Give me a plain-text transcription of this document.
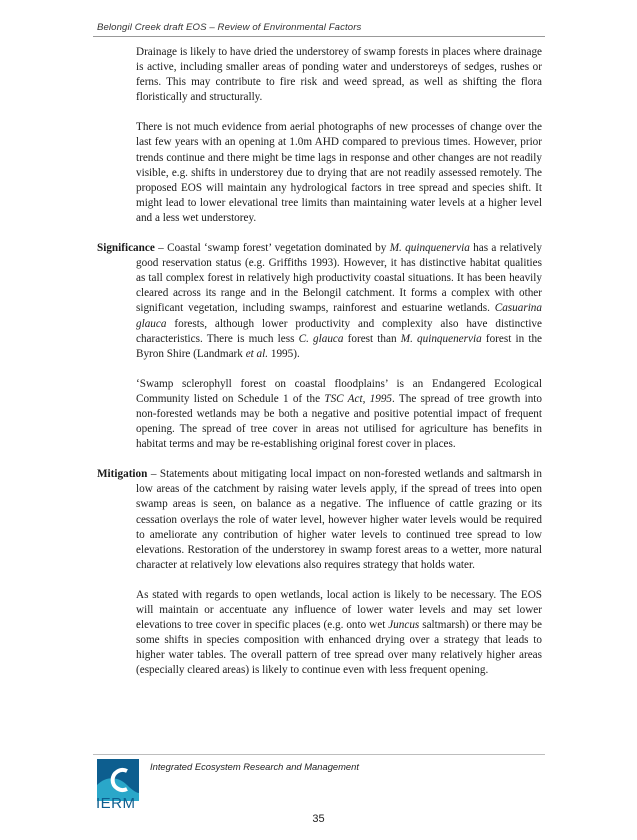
Belongil Creek draft EOS – Review of Environmental Factors

Drainage is likely to have dried the understorey of swamp forests in places where drainage is active, including smaller areas of ponding water and understoreys of sedges, rushes or ferns. This may contribute to fire risk and weed spread, as well as shifting the flora floristically and structurally.

There is not much evidence from aerial photographs of new processes of change over the last few years with an opening at 1.0m AHD compared to previous times. However, prior trends continue and there might be time lags in response and other changes are not readily visible, e.g. shifts in understorey due to drying that are not readily assessed remotely. The proposed EOS will maintain any hydrological factors in tree spread and species shift. It might lead to lower elevational tree limits than maintaining water levels at a higher level and a less wet understorey.

Significance – Coastal ‘swamp forest’ vegetation dominated by M. quinquenervia has a relatively good reservation status (e.g. Griffiths 1993). However, it has distinctive habitat qualities as tall complex forest in relatively high productivity coastal situations. It has been heavily cleared across its range and in the Belongil catchment. It forms a complex with other significant vegetation, including swamps, rainforest and estuarine wetlands. Casuarina glauca forests, although lower productivity and complexity also have distinctive characteristics. There is much less C. glauca forest than M. quinquenervia forest in the Byron Shire (Landmark et al. 1995).

‘Swamp sclerophyll forest on coastal floodplains’ is an Endangered Ecological Community listed on Schedule 1 of the TSC Act, 1995. The spread of tree growth into non-forested wetlands may be both a negative and positive potential impact of frequent opening. The spread of tree cover in areas not utilised for agriculture has benefits in habitat terms and may be re-establishing original forest cover in places.

Mitigation – Statements about mitigating local impact on non-forested wetlands and saltmarsh in low areas of the catchment by raising water levels apply, if the spread of trees into open swamp areas is seen, on balance as a negative. The influence of cattle grazing or its cessation overlays the role of water level, however higher water levels would be required to ameliorate any contribution of higher water levels to continued tree spread to low elevations. Restoration of the understorey in swamp forest areas to a wetter, more natural character at relatively low elevations also requires strategy that holds water.

As stated with regards to open wetlands, local action is likely to be necessary. The EOS will maintain or accentuate any influence of lower water levels and may set lower elevations to tree cover in specific places (e.g. onto wet Juncus saltmarsh) or there may be some shifts in species composition with enhanced drying over a strategy that leads to higher water tables. The overall pattern of tree spread over many relatively higher areas (especially cleared areas) is likely to continue even with less frequent opening.

IERM
Integrated Ecosystem Research and Management
35
